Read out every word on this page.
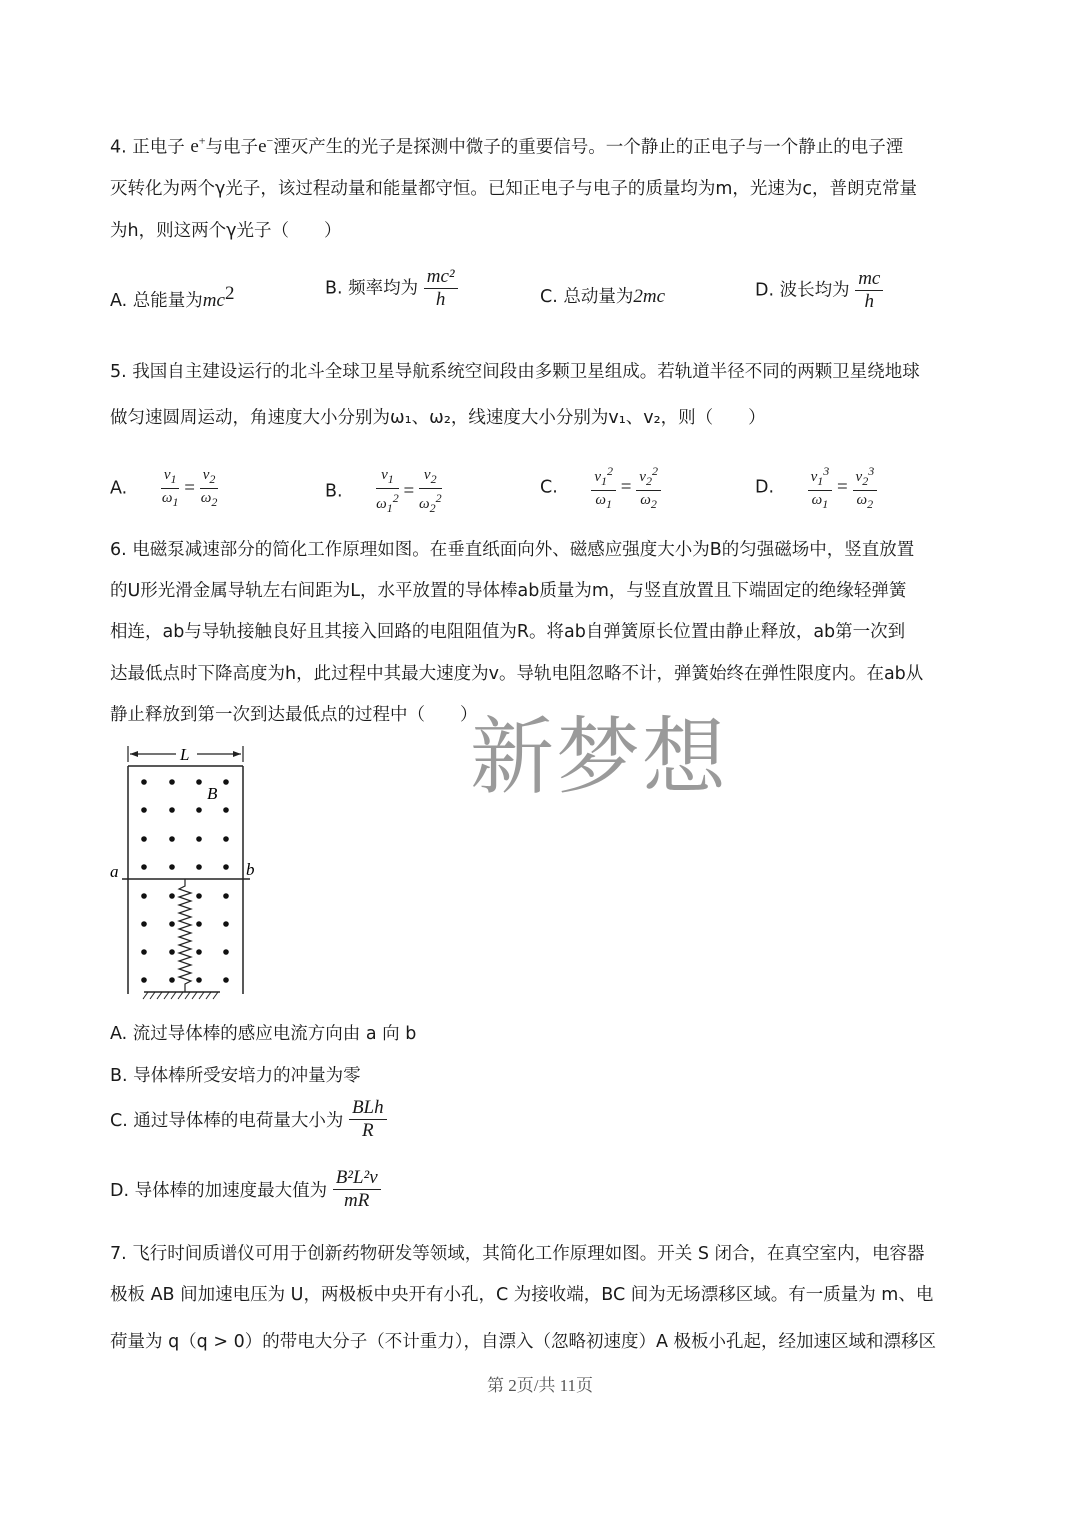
4. 正电子 e+与电子e−湮灭产生的光子是探测中微子的重要信号。一个静止的正电子与一个静止的电子湮
灭转化为两个γ光子，该过程动量和能量都守恒。已知正电子与电子的质量均为m，光速为c，普朗克常量
为h，则这两个γ光子（　　）
A. 总能量为$mc^2$	B. 频率均为 $\frac{\text{mc²}}{h}$	C. 总动量为2mc	D. 波长均为 $\frac{mc}{h}$
5. 我国自主建设运行的北斗全球卫星导航系统空间段由多颗卫星组成。若轨道半径不同的两颗卫星绕地球
做匀速圆周运动，角速度大小分别为ω₁、ω₂，线速度大小分别为v₁、v₂，则（　　）
A. $\frac{v_1}{\omega_1} = \frac{v_2}{\omega_2}$	B. $\frac{v_1}{\omega_1^2} = \frac{v_2}{\omega_2^2}$	C. $\frac{v_1^2}{\omega_1} = \frac{v_2^2}{\omega_2}$	D. $\frac{v_1^3}{\omega_1} = \frac{v_2^3}{\omega_2}$
6. 电磁泵减速部分的简化工作原理如图。在垂直纸面向外、磁感应强度大小为B的匀强磁场中，竖直放置
的U形光滑金属导轨左右间距为L，水平放置的导体棒ab质量为m，与竖直放置且下端固定的绝缘轻弹簧
相连，ab与导轨接触良好且其接入回路的电阻阻值为R。将ab自弹簧原长位置由静止释放，ab第一次到
达最低点时下降高度为h，此过程中其最大速度为v。导轨电阻忽略不计，弹簧始终在弹性限度内。在ab从
静止释放到第一次到达最低点的过程中（　　）
新梦想
L
a	b
B
A. 流过导体棒的感应电流方向由 a 向 b
B. 导体棒所受安培力的冲量为零
C. 通过导体棒的电荷量大小为 $\frac{\text{BLh}}{R}$
D. 导体棒的加速度最大值为 $\frac{\text{B²L²v}}{mR}$
7. 飞行时间质谱仪可用于创新药物研发等领域，其简化工作原理如图。开关 S 闭合，在真空室内，电容器
极板 AB 间加速电压为 U，两极板中央开有小孔，C 为接收端，BC 间为无场漂移区域。有一质量为 m、电
荷量为 q（q > 0）的带电大分子（不计重力），自漂入（忽略初速度）A 极板小孔起，经加速区域和漂移区
第 2页/共 11页
